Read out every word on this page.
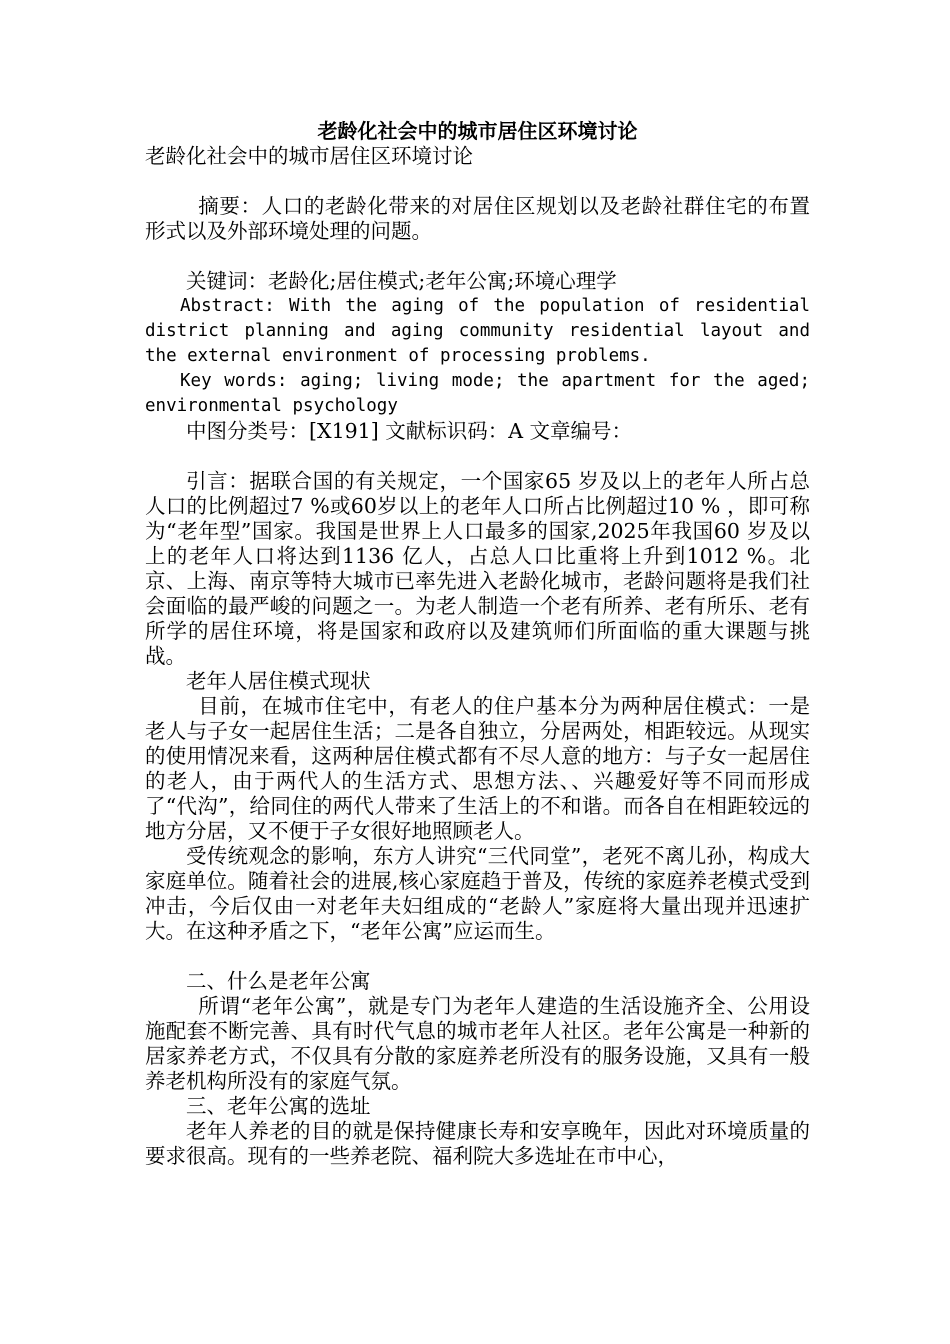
老龄化社会中的城市居住区环境讨论

老龄化社会中的城市居住区环境讨论

摘要：人口的老龄化带来的对居住区规划以及老龄社群住宅的布置形式以及外部环境处理的问题。

关键词：老龄化;居住模式;老年公寓;环境心理学

Abstract: With the aging of the population of residential district planning and aging community residential layout and the external environment of processing problems.

Key words: aging; living mode; the apartment for the aged; environmental psychology

中图分类号：[X191] 文献标识码：A 文章编号：

引言：据联合国的有关规定，一个国家65 岁及以上的老年人所占总人口的比例超过7 %或60岁以上的老年人口所占比例超过10 % ，即可称为“老年型”国家。我国是世界上人口最多的国家,2025年我国60 岁及以上的老年人口将达到1136 亿人，占总人口比重将上升到1012 %。北京、上海、南京等特大城市已率先进入老龄化城市，老龄问题将是我们社会面临的最严峻的问题之一。为老人制造一个老有所养、老有所乐、老有所学的居住环境，将是国家和政府以及建筑师们所面临的重大课题与挑战。

老年人居住模式现状

目前，在城市住宅中，有老人的住户基本分为两种居住模式：一是老人与子女一起居住生活；二是各自独立，分居两处，相距较远。从现实的使用情况来看，这两种居住模式都有不尽人意的地方：与子女一起居住的老人，由于两代人的生活方式、思想方法、、兴趣爱好等不同而形成了“代沟”，给同住的两代人带来了生活上的不和谐。而各自在相距较远的地方分居，又不便于子女很好地照顾老人。

受传统观念的影响，东方人讲究“三代同堂”，老死不离儿孙，构成大家庭单位。随着社会的进展,核心家庭趋于普及，传统的家庭养老模式受到冲击，今后仅由一对老年夫妇组成的“老龄人”家庭将大量出现并迅速扩大。在这种矛盾之下，“老年公寓”应运而生。

二、什么是老年公寓

所谓“老年公寓”，就是专门为老年人建造的生活设施齐全、公用设施配套不断完善、具有时代气息的城市老年人社区。老年公寓是一种新的居家养老方式，不仅具有分散的家庭养老所没有的服务设施，又具有一般养老机构所没有的家庭气氛。

三、老年公寓的选址

老年人养老的目的就是保持健康长寿和安享晚年，因此对环境质量的要求很高。现有的一些养老院、福利院大多选址在市中心，
